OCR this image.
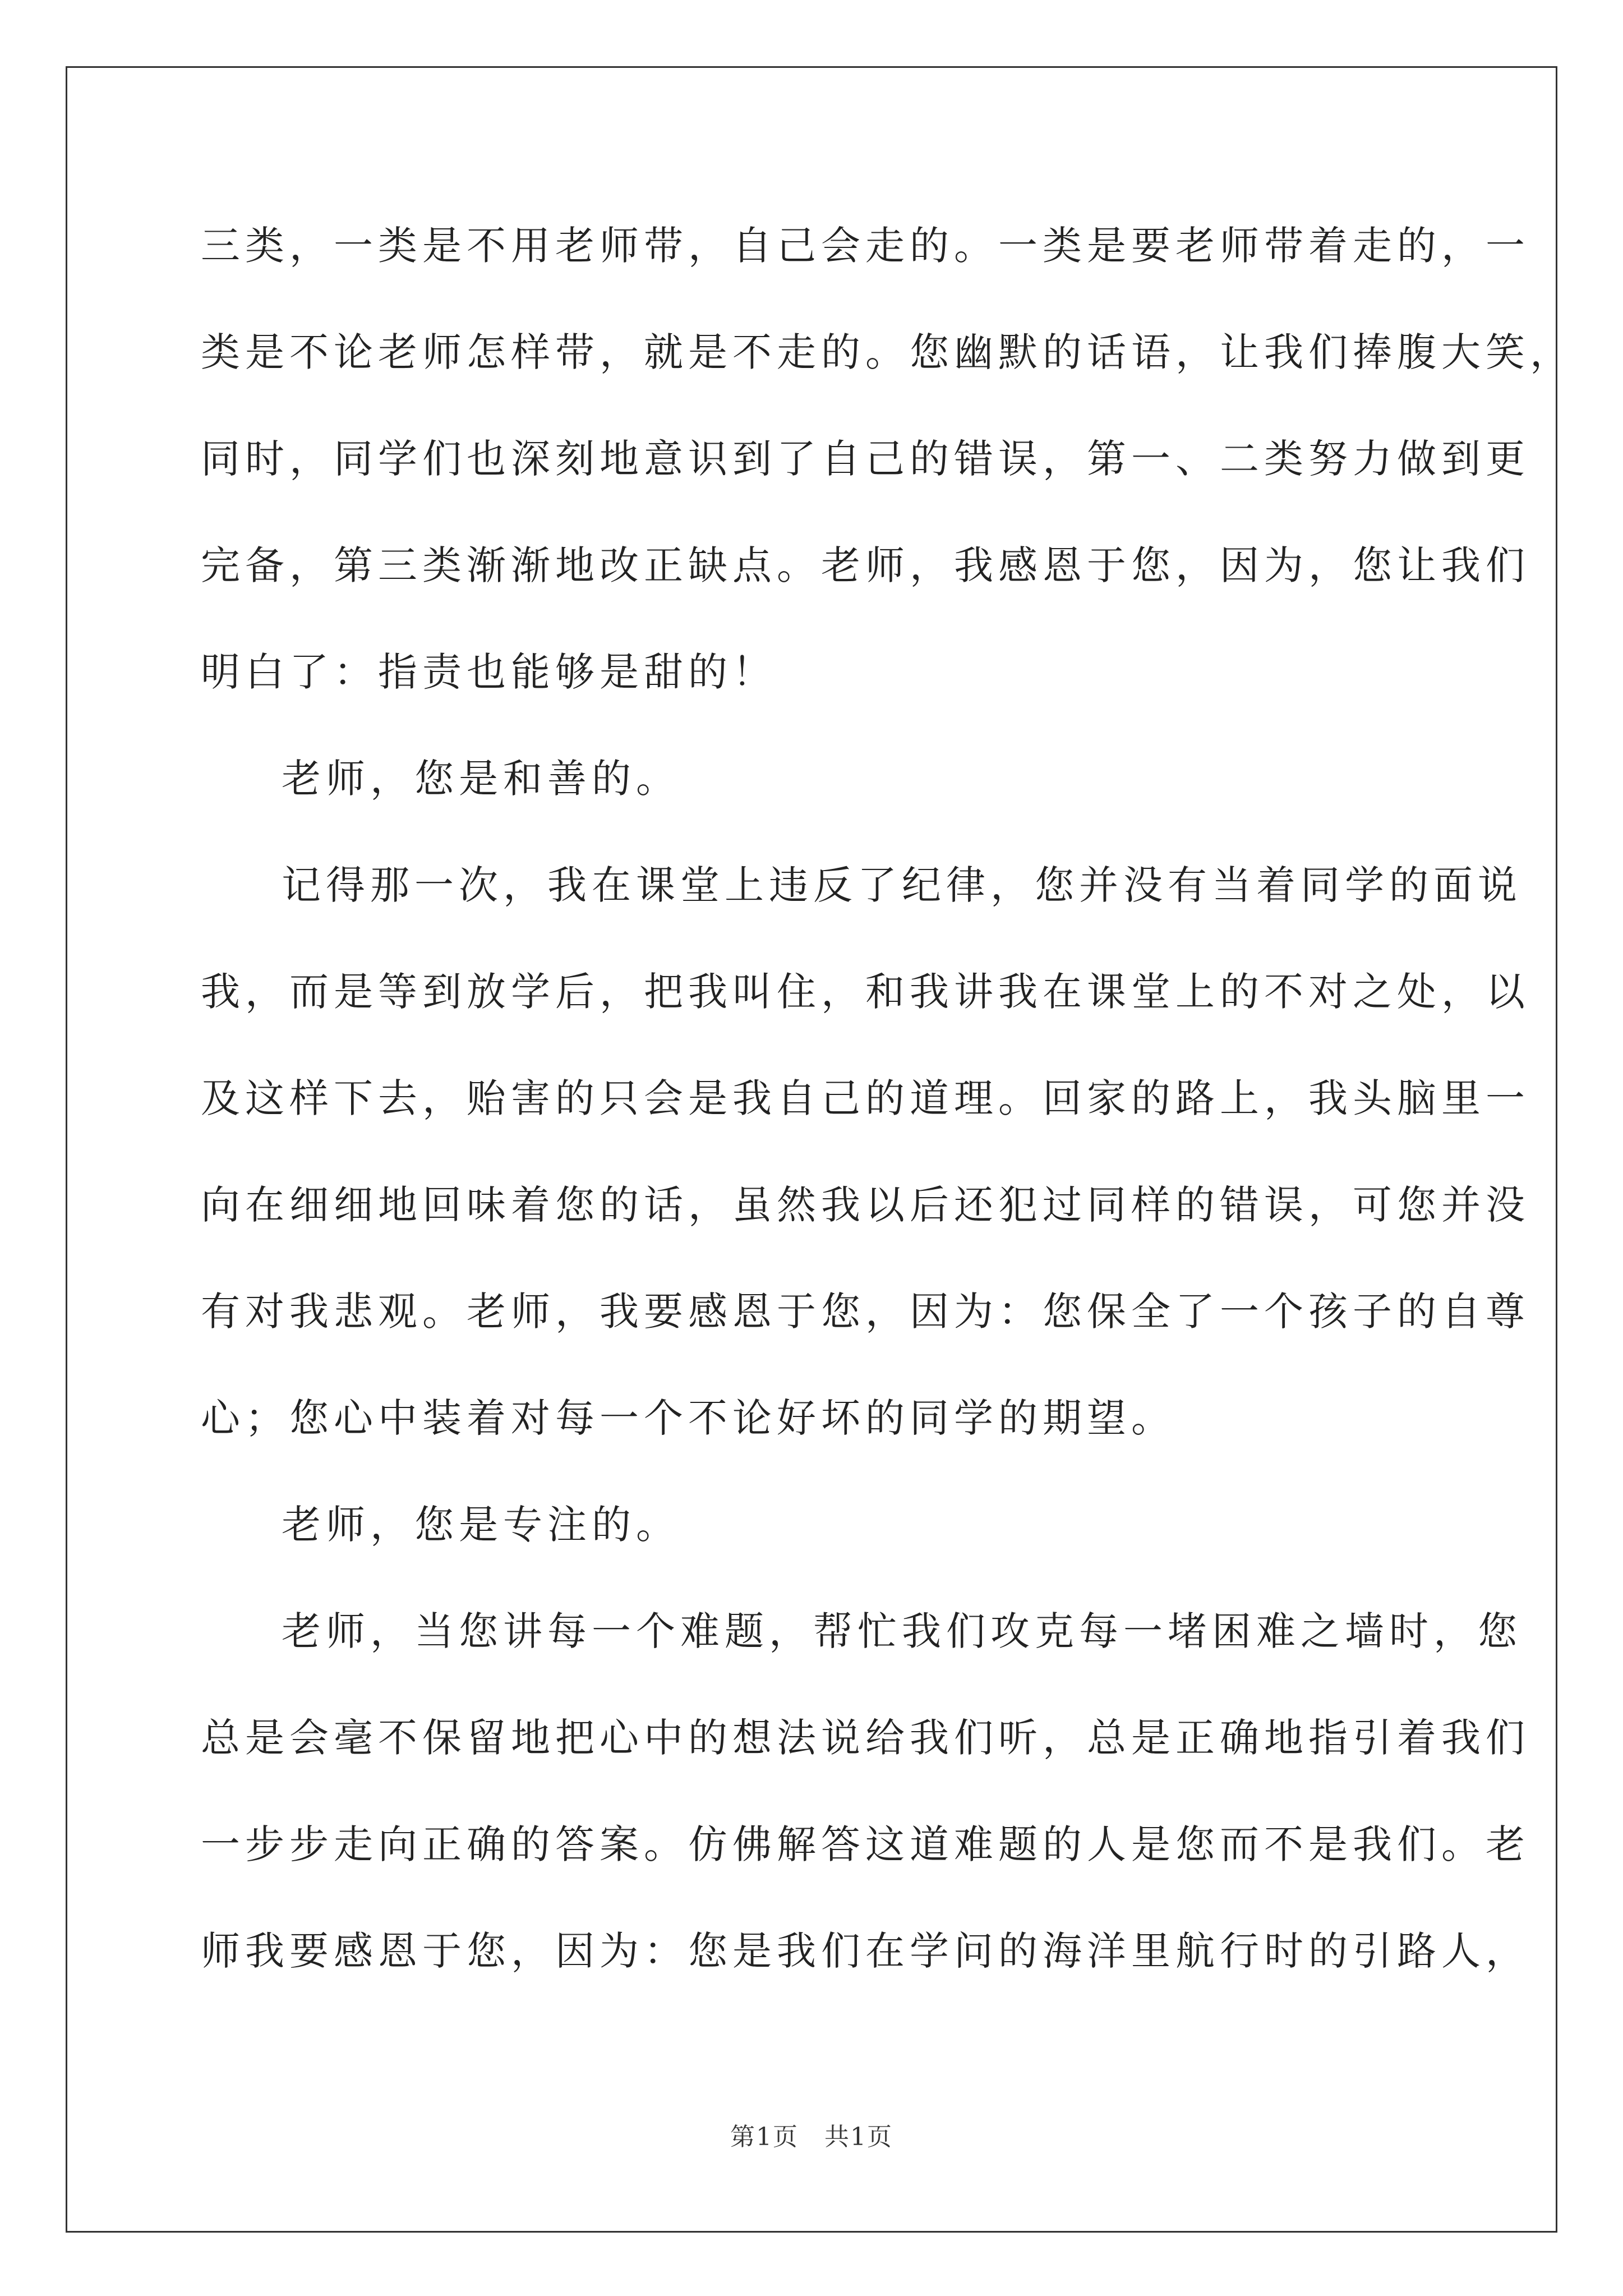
三类，一类是不用老师带，自己会走的。一类是要老师带着走的，一
类是不论老师怎样带，就是不走的。您幽默的话语，让我们捧腹大笑，
同时，同学们也深刻地意识到了自己的错误，第一、二类努力做到更
完备，第三类渐渐地改正缺点。老师，我感恩于您，因为，您让我们
明白了：指责也能够是甜的！
老师，您是和善的。
记得那一次，我在课堂上违反了纪律，您并没有当着同学的面说
我，而是等到放学后，把我叫住，和我讲我在课堂上的不对之处，以
及这样下去，贻害的只会是我自己的道理。回家的路上，我头脑里一
向在细细地回味着您的话，虽然我以后还犯过同样的错误，可您并没
有对我悲观。老师，我要感恩于您，因为：您保全了一个孩子的自尊
心；您心中装着对每一个不论好坏的同学的期望。
老师，您是专注的。
老师，当您讲每一个难题，帮忙我们攻克每一堵困难之墙时，您
总是会毫不保留地把心中的想法说给我们听，总是正确地指引着我们
一步步走向正确的答案。仿佛解答这道难题的人是您而不是我们。老
师我要感恩于您，因为：您是我们在学问的海洋里航行时的引路人，
第1页　共1页
